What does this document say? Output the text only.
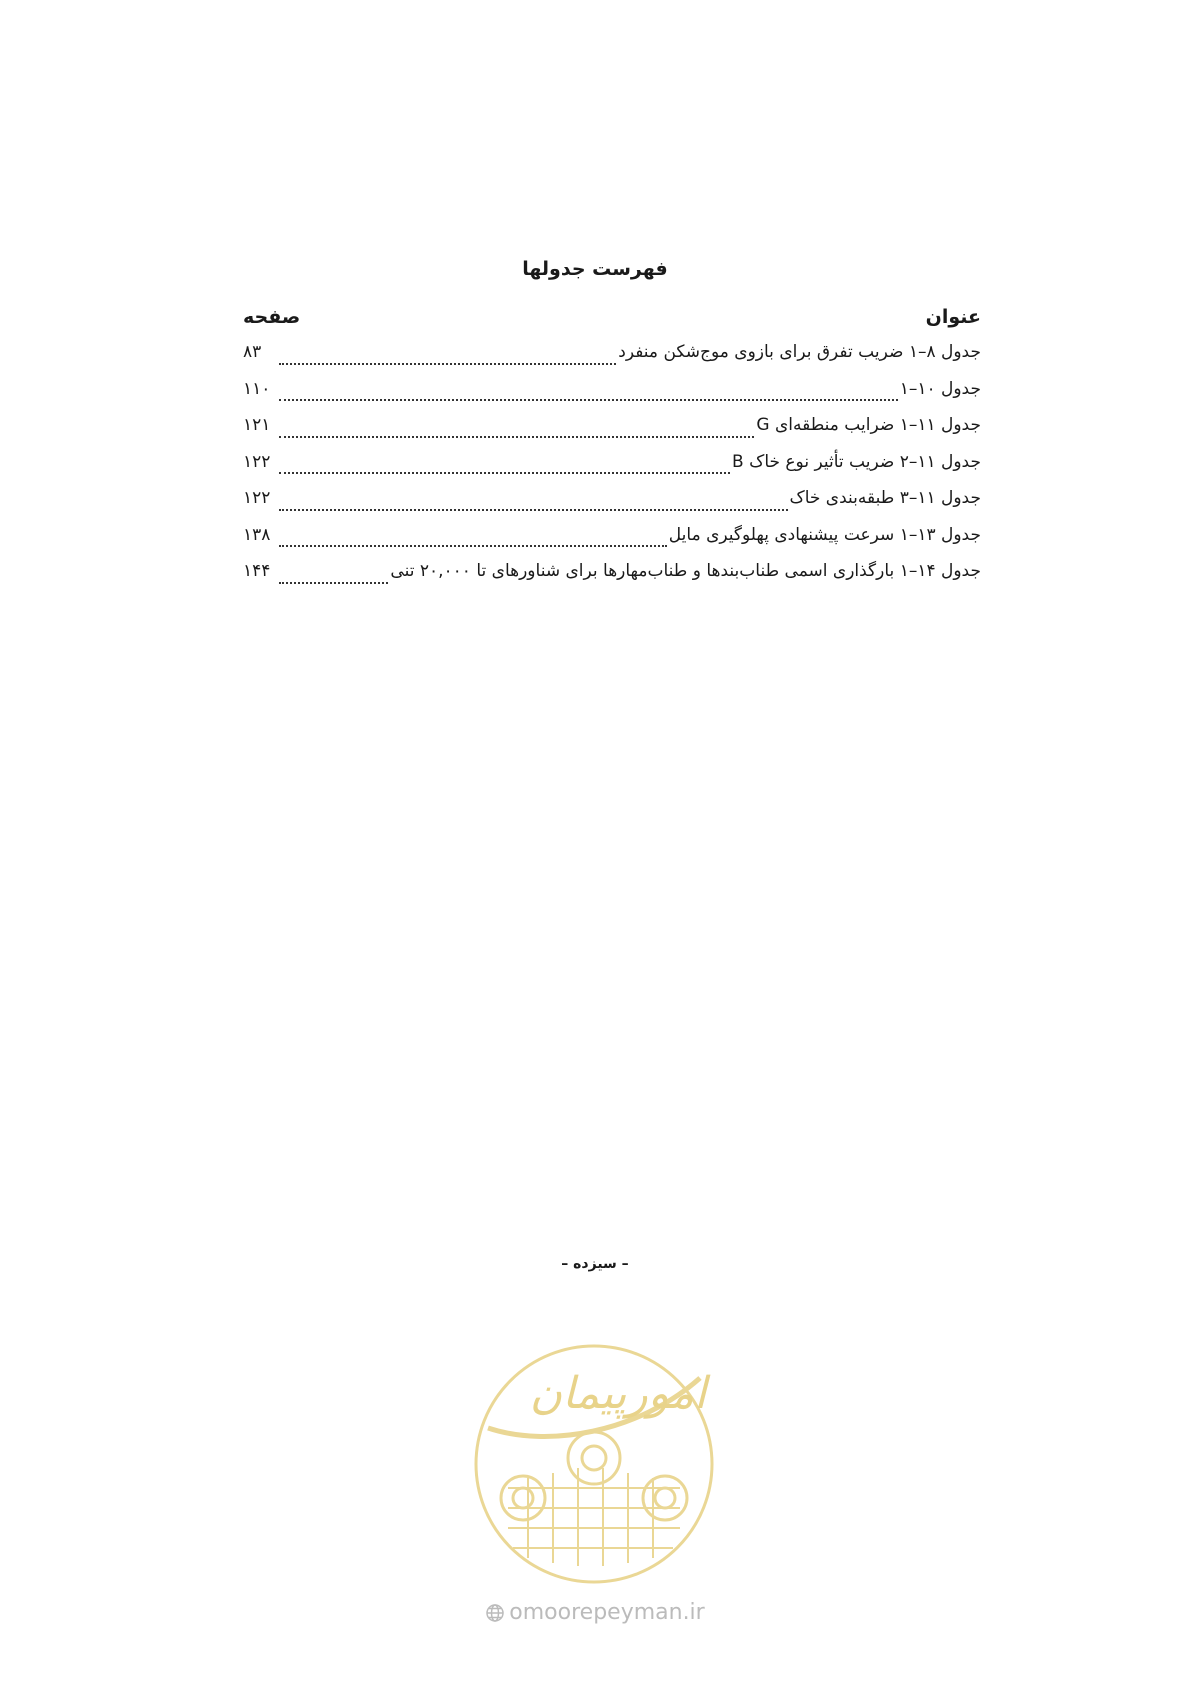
فهرست جدولها
عنوان
صفحه
جدول ۸–۱ ضریب تفرق برای بازوی موج‌شکن منفرد
۸۳
جدول ۱۰–۱
۱۱۰
جدول ۱۱–۱ ضرایب منطقه‌ای G
۱۲۱
جدول ۱۱–۲ ضریب تأثیر نوع خاک B
۱۲۲
جدول ۱۱–۳ طبقه‌بندی خاک
۱۲۲
جدول ۱۳–۱ سرعت پیشنهادی پهلوگیری مایل
۱۳۸
جدول ۱۴–۱ بارگذاری اسمی طناب‌بندها و طناب‌مهارها برای شناورهای تا ۲۰,۰۰۰ تنی
۱۴۴
– سیزده –
امورپیمان
omoorepeyman.ir
